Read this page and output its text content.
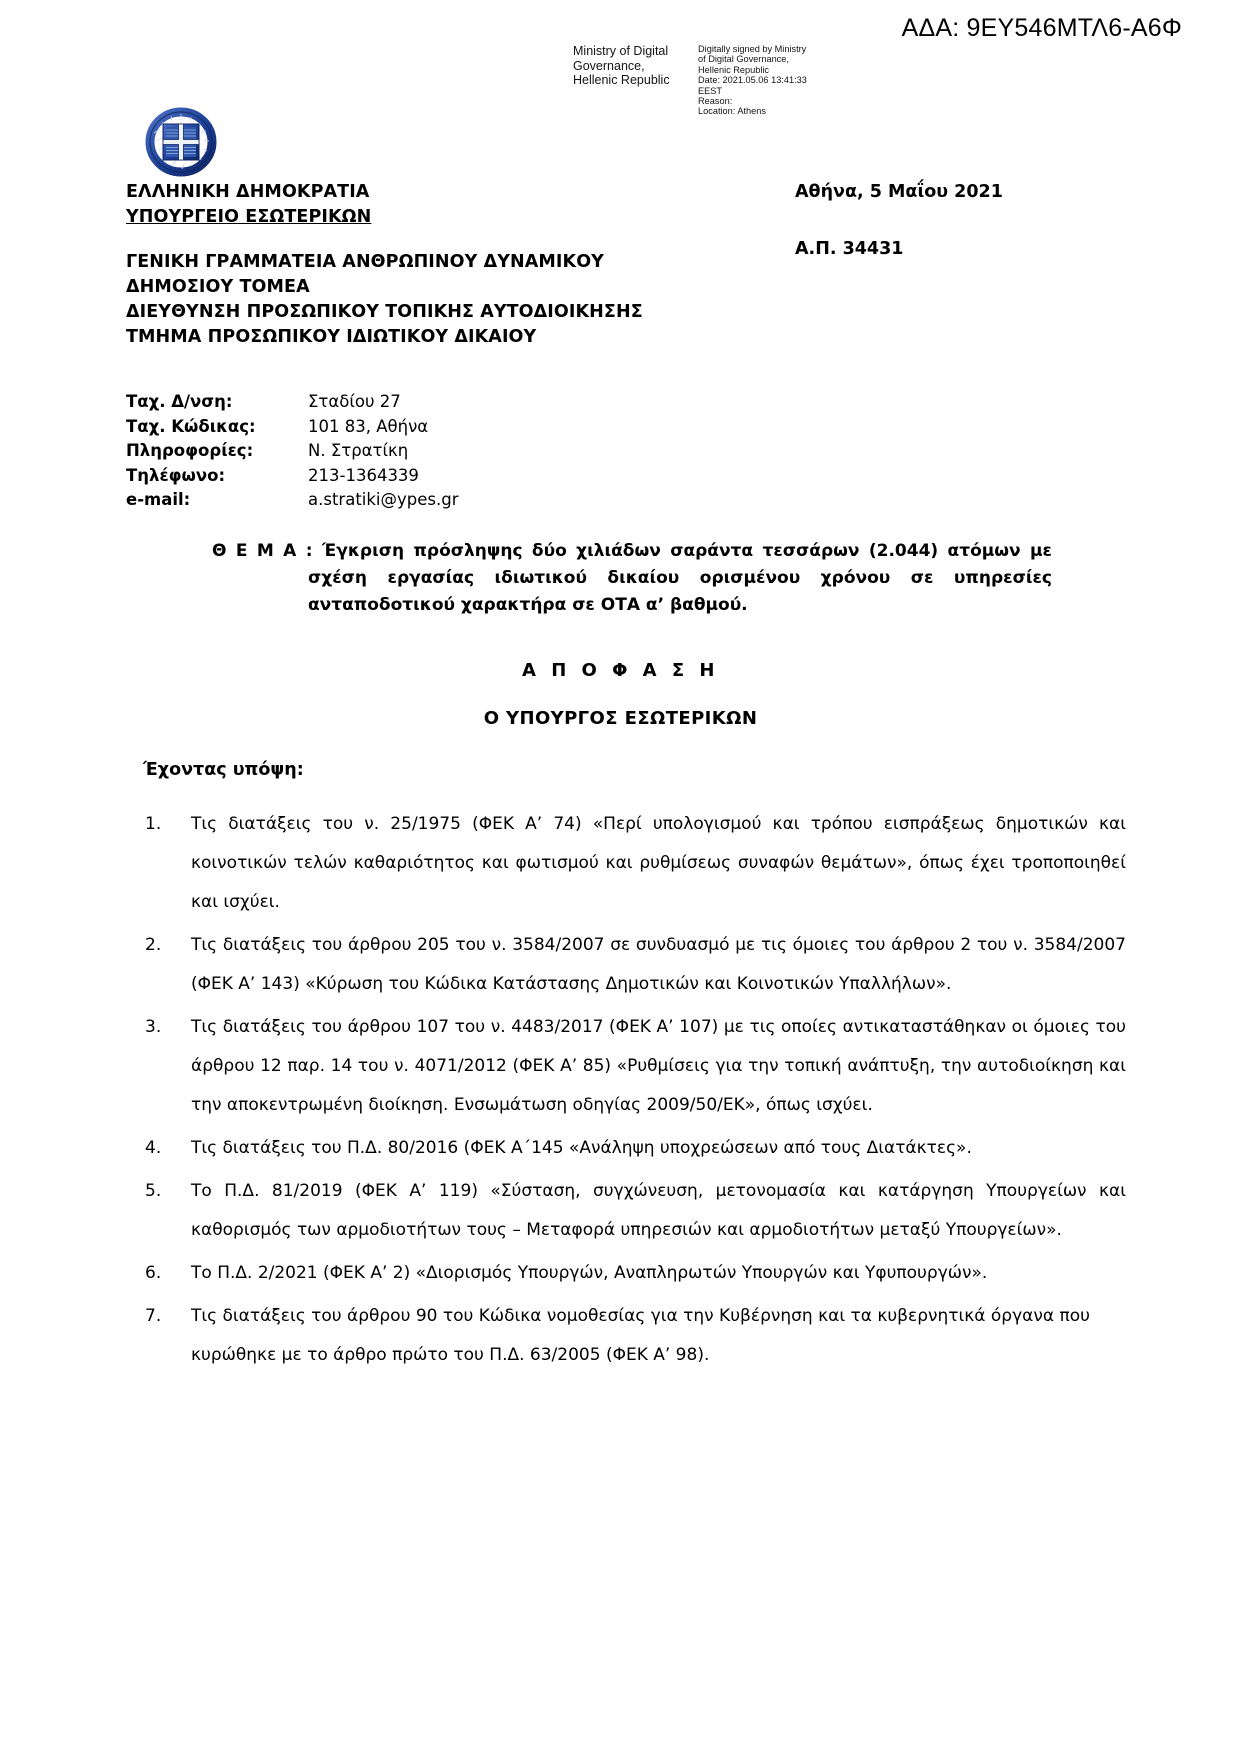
ΑΔΑ: 9ΕΥ546ΜΤΛ6-Α6Φ
Ministry of Digital
Governance,
Hellenic Republic
Digitally signed by Ministry
of Digital Governance,
Hellenic Republic
Date: 2021.05.06 13:41:33
EEST
Reason:
Location: Athens
ΕΛΛΗΝΙΚΗ ΔΗΜΟΚΡΑΤΙΑ
ΥΠΟΥΡΓΕΙΟ ΕΣΩΤΕΡΙΚΩΝ
ΓΕΝΙΚΗ ΓΡΑΜΜΑΤΕΙΑ ΑΝΘΡΩΠΙΝΟΥ ΔΥΝΑΜΙΚΟΥ
ΔΗΜΟΣΙΟΥ ΤΟΜΕΑ
ΔΙΕΥΘΥΝΣΗ ΠΡΟΣΩΠΙΚΟΥ ΤΟΠΙΚΗΣ ΑΥΤΟΔΙΟΙΚΗΣΗΣ
ΤΜΗΜΑ ΠΡΟΣΩΠΙΚΟΥ ΙΔΙΩΤΙΚΟΥ ΔΙΚΑΙΟΥ
Αθήνα, 5 Μαΐου 2021
Α.Π. 34431
Ταχ. Δ/νση:	Σταδίου 27
Ταχ. Κώδικας:	101 83, Αθήνα
Πληροφορίες:	Ν. Στρατίκη
Τηλέφωνο:	213-1364339
e-mail:	a.stratiki@ypes.gr
Θ Ε Μ Α : Έγκριση πρόσληψης δύο χιλιάδων σαράντα τεσσάρων (2.044) ατόμων με σχέση εργασίας ιδιωτικού δικαίου ορισμένου χρόνου σε υπηρεσίες ανταποδοτικού χαρακτήρα σε ΟΤΑ α’ βαθμού.
Α Π Ο Φ Α Σ Η
Ο ΥΠΟΥΡΓΟΣ ΕΣΩΤΕΡΙΚΩΝ
Έχοντας υπόψη:
Τις διατάξεις του ν. 25/1975 (ΦΕΚ Α’ 74) «Περί υπολογισμού και τρόπου εισπράξεως δημοτικών και κοινοτικών τελών καθαριότητος και φωτισμού και ρυθμίσεως συναφών θεμάτων», όπως έχει τροποποιηθεί και ισχύει.
Τις διατάξεις του άρθρου 205 του ν. 3584/2007 σε συνδυασμό με τις όμοιες του άρθρου 2 του ν. 3584/2007 (ΦΕΚ Α’ 143) «Κύρωση του Κώδικα Κατάστασης Δημοτικών και Κοινοτικών Υπαλλήλων».
Τις διατάξεις του άρθρου 107 του ν. 4483/2017 (ΦΕΚ Α’ 107) με τις οποίες αντικαταστάθηκαν οι όμοιες του άρθρου 12 παρ. 14 του ν. 4071/2012 (ΦΕΚ Α’ 85) «Ρυθμίσεις για την τοπική ανάπτυξη, την αυτοδιοίκηση και την αποκεντρωμένη διοίκηση. Ενσωμάτωση οδηγίας 2009/50/ΕΚ», όπως ισχύει.
Τις διατάξεις του Π.Δ. 80/2016 (ΦΕΚ Α΄145 «Ανάληψη υποχρεώσεων από τους Διατάκτες».
Το Π.Δ. 81/2019 (ΦΕΚ Α’ 119) «Σύσταση, συγχώνευση, μετονομασία και κατάργηση Υπουργείων και καθορισμός των αρμοδιοτήτων τους – Μεταφορά υπηρεσιών και αρμοδιοτήτων μεταξύ Υπουργείων».
Το Π.Δ. 2/2021 (ΦΕΚ Α’ 2) «Διορισμός Υπουργών, Αναπληρωτών Υπουργών και Υφυπουργών».
Τις διατάξεις του άρθρου 90 του Κώδικα νομοθεσίας για την Κυβέρνηση και τα κυβερνητικά όργανα που κυρώθηκε με το άρθρο πρώτο του Π.Δ. 63/2005 (ΦΕΚ Α’ 98).
